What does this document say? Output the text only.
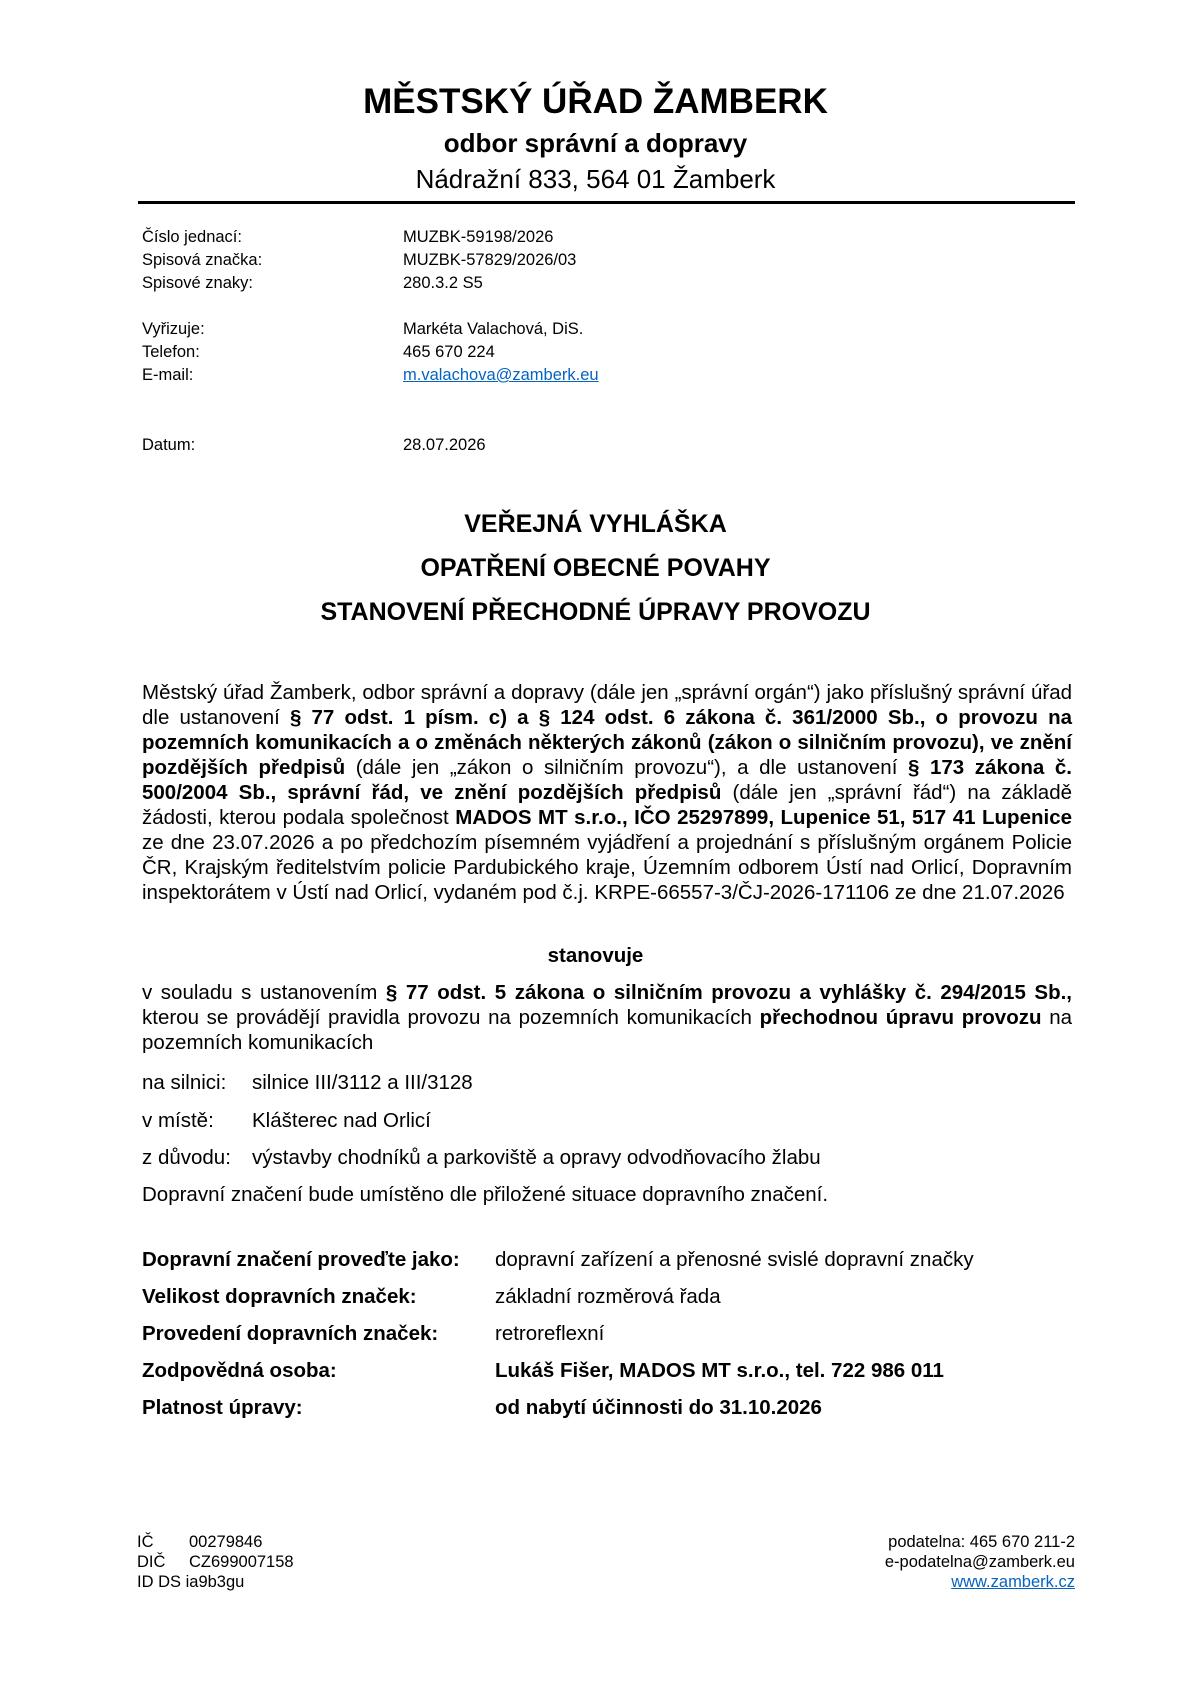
MĚSTSKÝ ÚŘAD ŽAMBERK
odbor správní a dopravy
Nádražní 833, 564 01 Žamberk
Číslo jednací:	MUZBK-59198/2026
Spisová značka:	MUZBK-57829/2026/03
Spisové znaky:	280.3.2 S5
Vyřizuje:	Markéta Valachová, DiS.
Telefon:	465 670 224
E-mail:	m.valachova@zamberk.eu
Datum:	28.07.2026
VEŘEJNÁ VYHLÁŠKA
OPATŘENÍ OBECNÉ POVAHY
STANOVENÍ PŘECHODNÉ ÚPRAVY PROVOZU
Městský úřad Žamberk, odbor správní a dopravy (dále jen „správní orgán“) jako příslušný správní úřad dle ustanovení § 77 odst. 1 písm. c) a § 124 odst. 6 zákona č. 361/2000 Sb., o provozu na pozemních komunikacích a o změnách některých zákonů (zákon o silničním provozu), ve znění pozdějších předpisů (dále jen „zákon o silničním provozu“), a dle ustanovení § 173 zákona č. 500/2004 Sb., správní řád, ve znění pozdějších předpisů (dále jen „správní řád“) na základě žádosti, kterou podala společnost MADOS MT s.r.o., IČO 25297899, Lupenice 51, 517 41 Lupenice ze dne 23.07.2026 a po předchozím písemném vyjádření a projednání s příslušným orgánem Policie ČR, Krajským ředitelstvím policie Pardubického kraje, Územním odborem Ústí nad Orlicí, Dopravním inspektorátem v Ústí nad Orlicí, vydaném pod č.j. KRPE-66557-3/ČJ-2026-171106 ze dne 21.07.2026
stanovuje
v souladu s ustanovením § 77 odst. 5 zákona o silničním provozu a vyhlášky č. 294/2015 Sb., kterou se provádějí pravidla provozu na pozemních komunikacích přechodnou úpravu provozu na pozemních komunikacích
na silnici: silnice III/3112 a III/3128
v místě: Klášterec nad Orlicí
z důvodu: výstavby chodníků a parkoviště a opravy odvodňovacího žlabu
Dopravní značení bude umístěno dle přiložené situace dopravního značení.
Dopravní značení proveďte jako: dopravní zařízení a přenosné svislé dopravní značky
Velikost dopravních značek:	základní rozměrová řada
Provedení dopravních značek:	retroreflexní
Zodpovědná osoba:	Lukáš Fišer, MADOS MT s.r.o., tel. 722 986 011
Platnost úpravy:	od nabytí účinnosti do 31.10.2026
IČ 00279846
DIČ CZ699007158
ID DS ia9b3gu
podatelna: 465 670 211-2
e-podatelna@zamberk.eu
www.zamberk.cz
